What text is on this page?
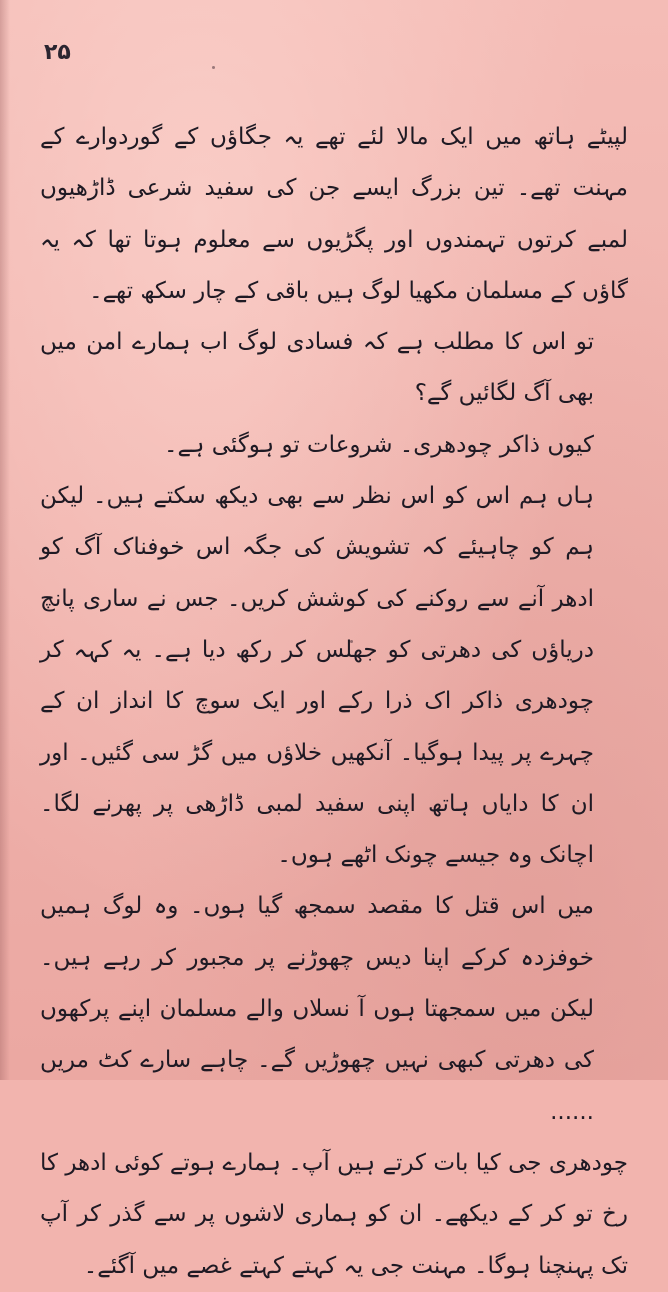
۲۵

لپیٹے ہاتھ میں ایک مالا لئے تھے یہ جگاؤں کے گوردوارے کے مہنت تھے۔ تین بزرگ ایسے جن کی سفید شرعی ڈاڑھیوں لمبے کرتوں تہمندوں اور پگڑیوں سے معلوم ہوتا تھا کہ یہ گاؤں کے مسلمان مکھیا لوگ ہیں باقی کے چار سکھ تھے۔

تو اس کا مطلب ہے کہ فسادی لوگ اب ہمارے امن میں بھی آگ لگائیں گے؟

کیوں ذاکر چودھری۔ شروعات تو ہوگئی ہے۔

ہاں ہم اس کو اس نظر سے بھی دیکھ سکتے ہیں۔ لیکن ہم کو چاہیئے کہ تشویش کی جگہ اس خوفناک آگ کو ادھر آنے سے روکنے کی کوشش کریں۔ جس نے ساری پانچ دریاؤں کی دھرتی کو جھلس کر رکھ دیا ہے۔ یہ کہہ کر چودھری ذاکر اک ذرا رکے اور ایک سوچ کا انداز ان کے چہرے پر پیدا ہوگیا۔ آنکھیں خلاؤں میں گڑ سی گئیں۔ اور ان کا دایاں ہاتھ اپنی سفید لمبی ڈاڑھی پر پھرنے لگا۔ اچانک وہ جیسے چونک اٹھے ہوں۔

میں اس قتل کا مقصد سمجھ گیا ہوں۔ وہ لوگ ہمیں خوفزدہ کرکے اپنا دیس چھوڑنے پر مجبور کر رہے ہیں۔ لیکن میں سمجھتا ہوں آ نسلاں والے مسلمان اپنے پرکھوں کی دھرتی کبھی نہیں چھوڑیں گے۔ چاہے سارے کٹ مریں ......

چودھری جی کیا بات کرتے ہیں آپ۔ ہمارے ہوتے کوئی ادھر کا رخ تو کر کے دیکھے۔ ان کو ہماری لاشوں پر سے گذر کر آپ تک پہنچنا ہوگا۔ مہنت جی یہ کہتے کہتے غصے میں آگئے۔
